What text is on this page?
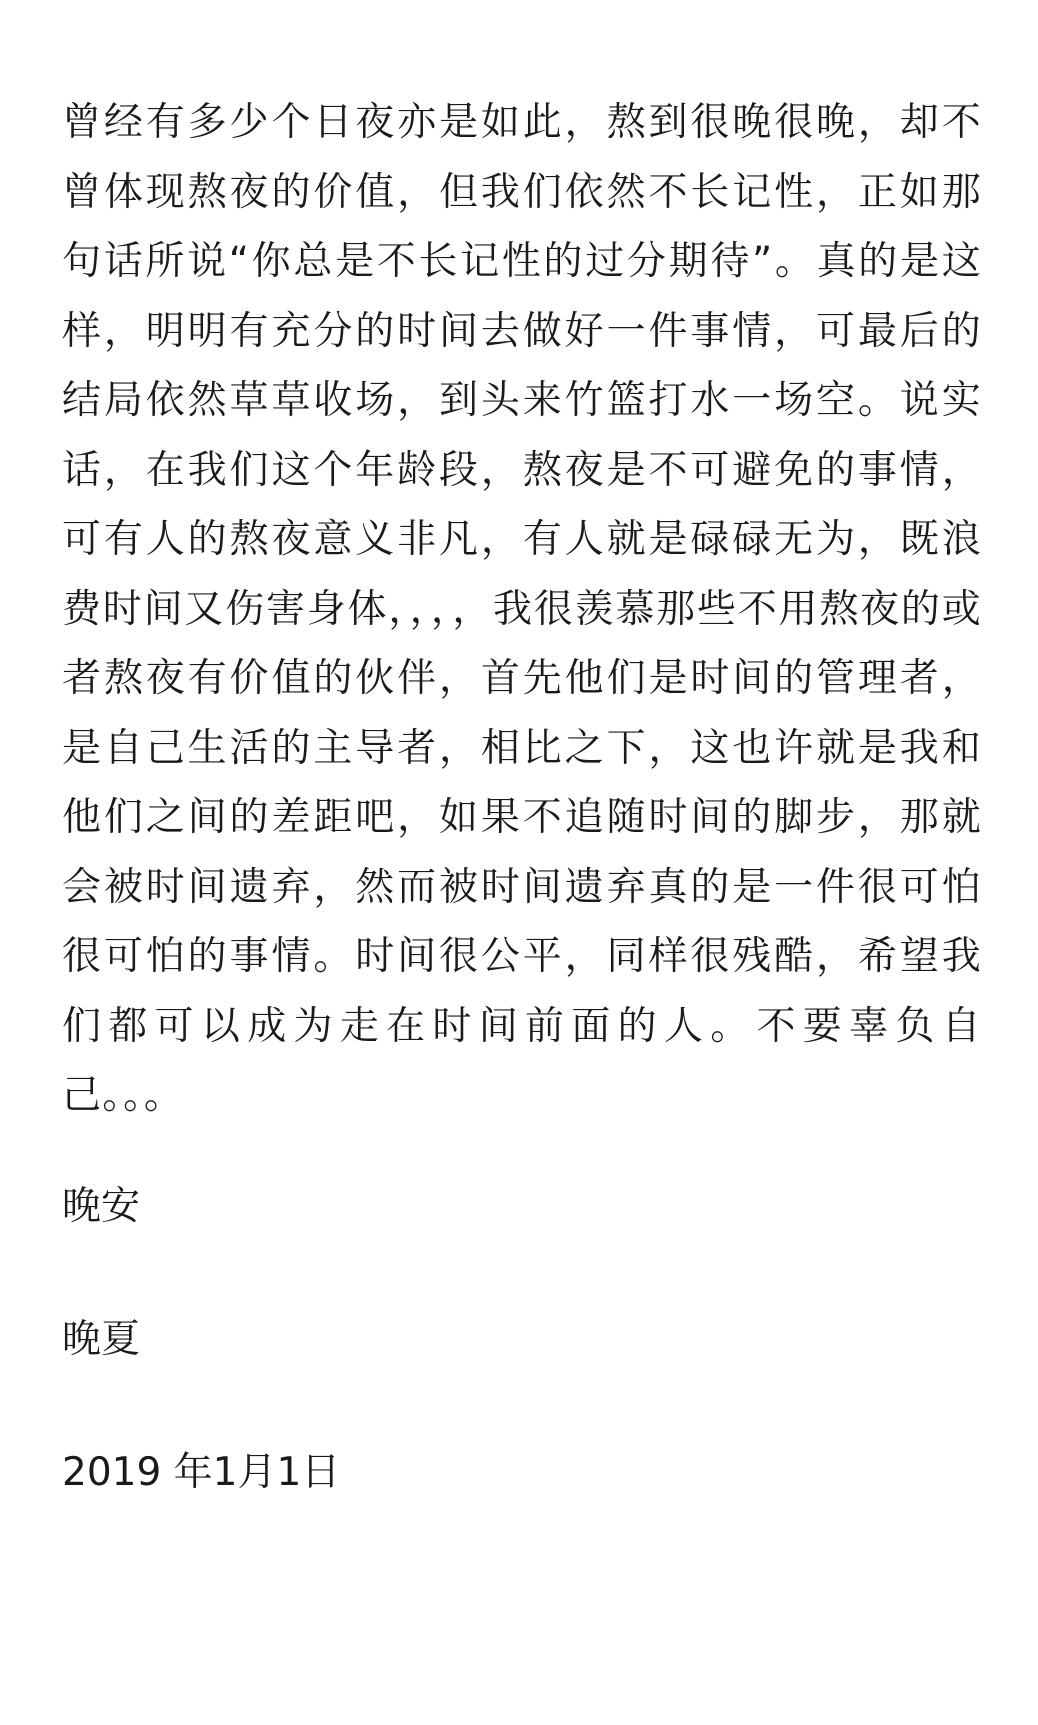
曾经有多少个日夜亦是如此，熬到很晚很晚，却不曾体现熬夜的价值，但我们依然不长记性，正如那句话所说“你总是不长记性的过分期待”。真的是这样，明明有充分的时间去做好一件事情，可最后的结局依然草草收场，到头来竹篮打水一场空。说实话，在我们这个年龄段，熬夜是不可避免的事情，可有人的熬夜意义非凡，有人就是碌碌无为，既浪费时间又伤害身体，，，，我很羡慕那些不用熬夜的或者熬夜有价值的伙伴，首先他们是时间的管理者，是自己生活的主导者，相比之下，这也许就是我和他们之间的差距吧，如果不追随时间的脚步，那就会被时间遗弃，然而被时间遗弃真的是一件很可怕很可怕的事情。时间很公平，同样很残酷，希望我们都可以成为走在时间前面的人。不要辜负自己。。。

晚安

晚夏

2019 年1月1日
